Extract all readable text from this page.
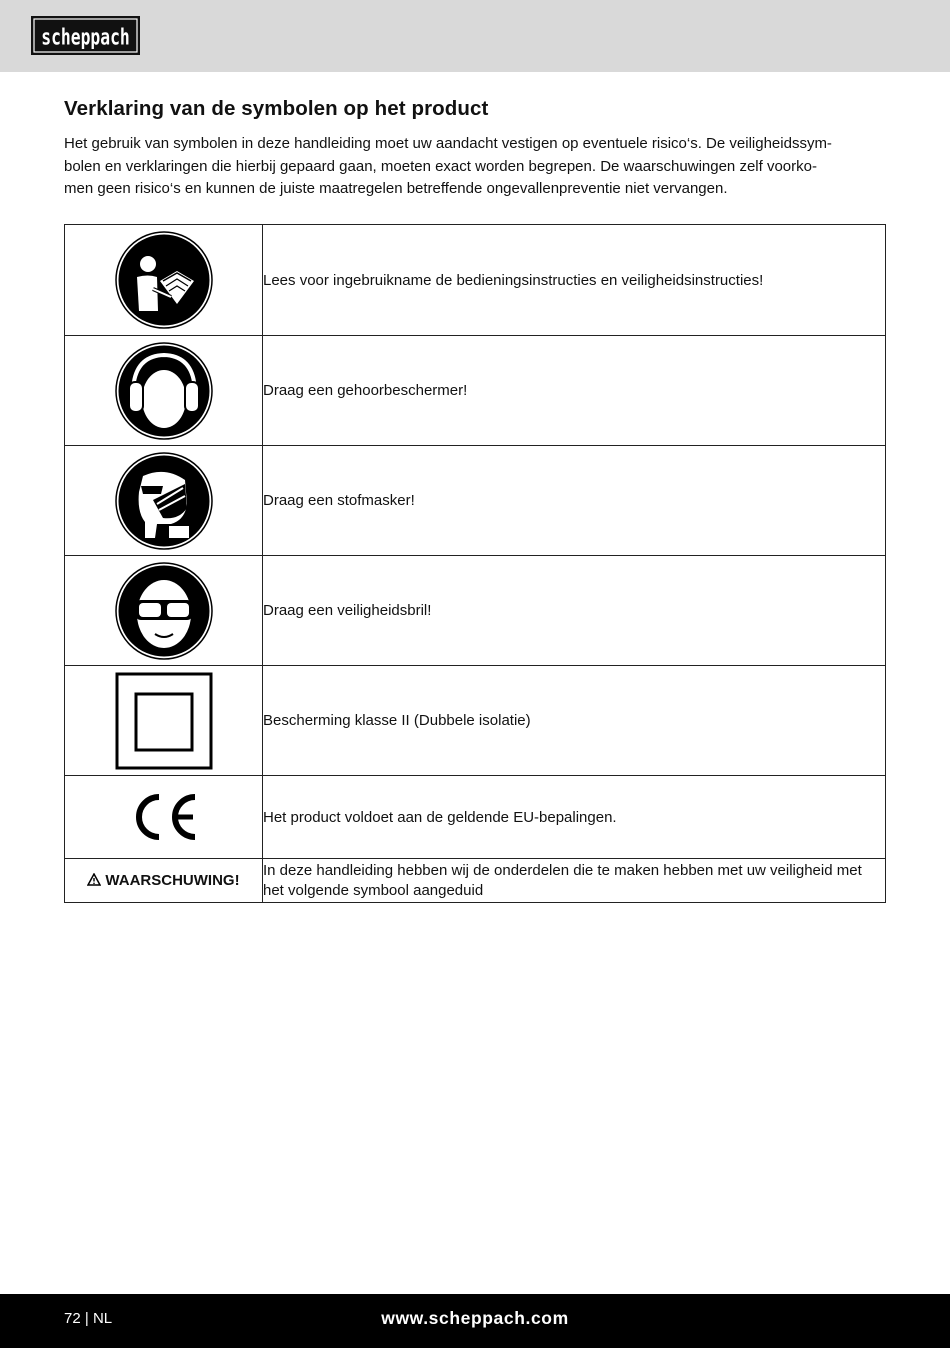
scheppach
Verklaring van de symbolen op het product

Het gebruik van symbolen in deze handleiding moet uw aandacht vestigen op eventuele risico‘s. De veiligheidssym-
bolen en verklaringen die hierbij gepaard gaan, moeten exact worden begrepen. De waarschuwingen zelf voorko-
men geen risico‘s en kunnen de juiste maatregelen betreffende ongevallenpreventie niet vervangen.

	Lees voor ingebruikname de bedieningsinstructies en veiligheidsinstructies!

	Draag een gehoorbeschermer!

	Draag een stofmasker!

	Draag een veiligheidsbril!

	Bescherming klasse II (Dubbele isolatie)

	Het product voldoet aan de geldende EU-bepalingen.
WAARSCHUWING!	In deze handleiding hebben wij de onderdelen die te maken hebben met uw veiligheid met het volgende symbool aangeduid
72 | NL	www.scheppach.com
